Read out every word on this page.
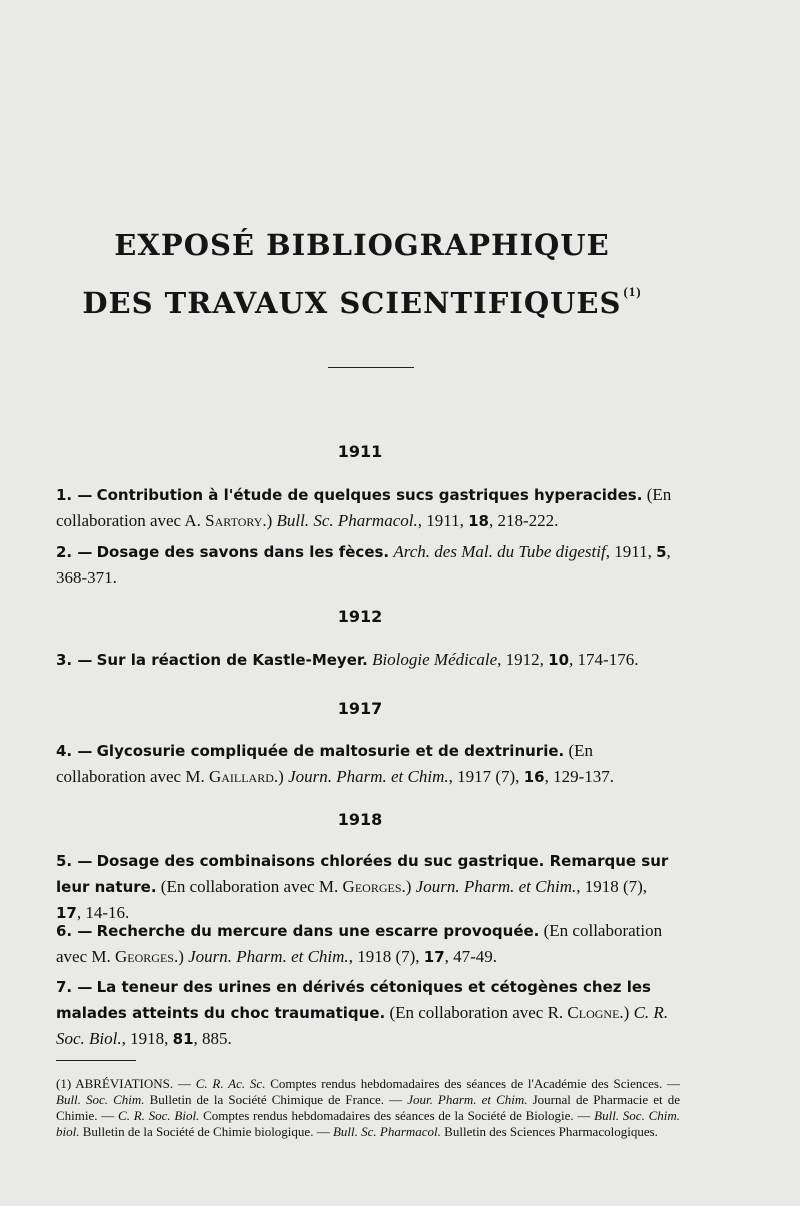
EXPOSÉ BIBLIOGRAPHIQUE
DES TRAVAUX SCIENTIFIQUES $^{(1)}$
1911
1. — Contribution à l'étude de quelques sucs gastriques hyperacides. (En collaboration avec A. Sartory.) Bull. Sc. Pharmacol., 1911, 18, 218-222.
2. — Dosage des savons dans les fèces. Arch. des Mal. du Tube digestif, 1911, 5, 368-371.
1912
3. — Sur la réaction de Kastle-Meyer. Biologie Médicale, 1912, 10, 174-176.
1917
4. — Glycosurie compliquée de maltosurie et de dextrinurie. (En collaboration avec M. Gaillard.) Journ. Pharm. et Chim., 1917 (7), 16, 129-137.
1918
5. — Dosage des combinaisons chlorées du suc gastrique. Remarque sur leur nature. (En collaboration avec M. Georges.) Journ. Pharm. et Chim., 1918 (7), 17, 14-16.
6. — Recherche du mercure dans une escarre provoquée. (En collaboration avec M. Georges.) Journ. Pharm. et Chim., 1918 (7), 17, 47-49.
7. — La teneur des urines en dérivés cétoniques et cétogènes chez les malades atteints du choc traumatique. (En collaboration avec R. Clogne.) C. R. Soc. Biol., 1918, 81, 885.
(1) ABRÉVIATIONS. — C. R. Ac. Sc. Comptes rendus hebdomadaires des séances de l'Académie des Sciences. — Bull. Soc. Chim. Bulletin de la Société Chimique de France. — Jour. Pharm. et Chim. Journal de Pharmacie et de Chimie. — C. R. Soc. Biol. Comptes rendus hebdomadaires des séances de la Société de Biologie. — Bull. Soc. Chim. biol. Bulletin de la Société de Chimie biologique. — Bull. Sc. Pharmacol. Bulletin des Sciences Pharmacologiques.
